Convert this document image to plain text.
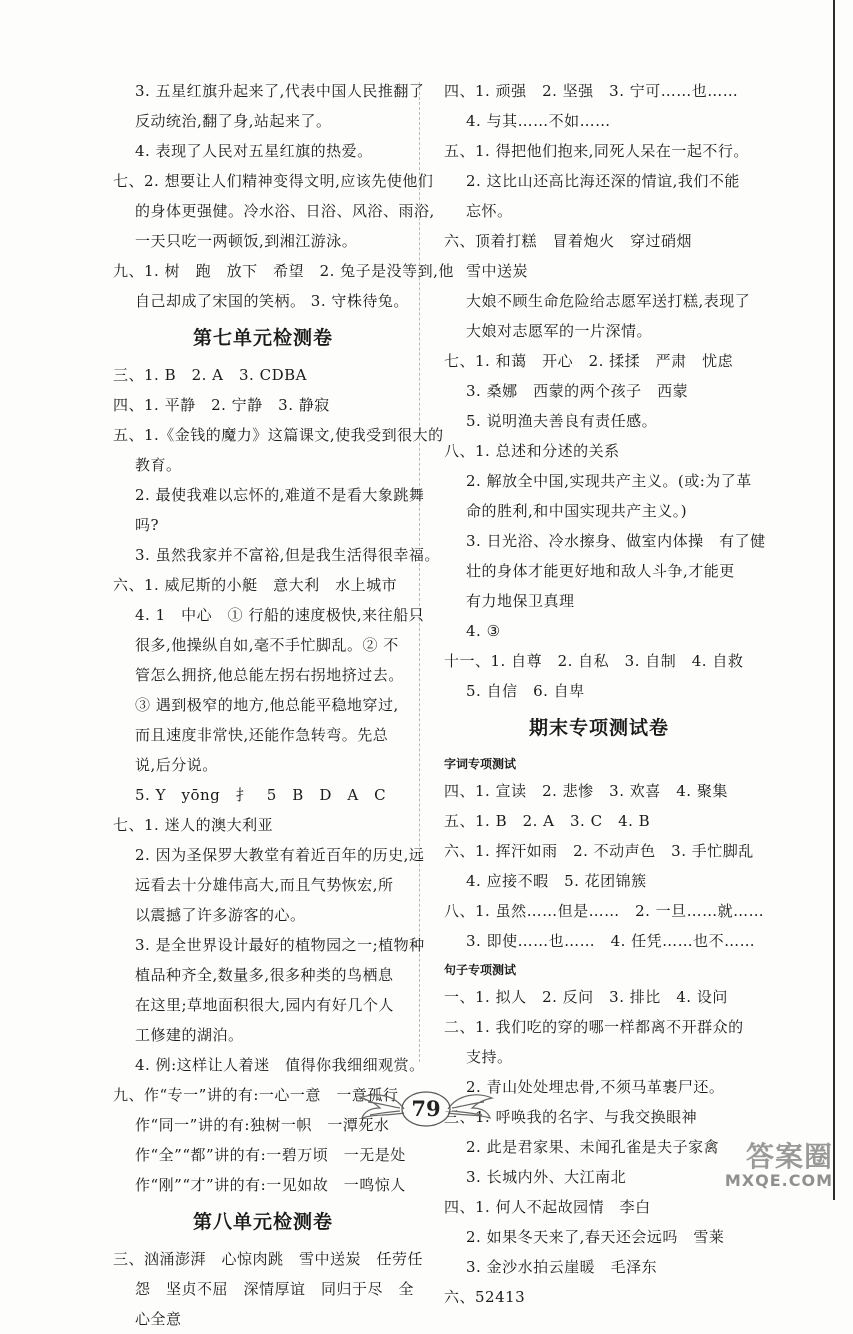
3. 五星红旗升起来了,代表中国人民推翻了
反动统治,翻了身,站起来了。
4. 表现了人民对五星红旗的热爱。
七、2. 想要让人们精神变得文明,应该先使他们
的身体更强健。冷水浴、日浴、风浴、雨浴,
一天只吃一两顿饭,到湘江游泳。
九、1. 树　跑　放下　希望　2. 兔子是没等到,他
自己却成了宋国的笑柄。 3. 守株待兔。
第七单元检测卷
三、1. B　2. A　3. CDBA
四、1. 平静　2. 宁静　3. 静寂
五、1.《金钱的魔力》这篇课文,使我受到很大的
教育。
2. 最使我难以忘怀的,难道不是看大象跳舞
吗?
3. 虽然我家并不富裕,但是我生活得很幸福。
六、1. 威尼斯的小艇　意大利　水上城市
4. 1　中心　① 行船的速度极快,来往船只
很多,他操纵自如,毫不手忙脚乱。② 不
管怎么拥挤,他总能左拐右拐地挤过去。
③ 遇到极窄的地方,他总能平稳地穿过,
而且速度非常快,还能作急转弯。先总
说,后分说。
5. Y　yōng　扌　5　B　D　A　C
七、1. 迷人的澳大利亚
2. 因为圣保罗大教堂有着近百年的历史,远
远看去十分雄伟高大,而且气势恢宏,所
以震撼了许多游客的心。
3. 是全世界设计最好的植物园之一;植物种
植品种齐全,数量多,很多种类的鸟栖息
在这里;草地面积很大,园内有好几个人
工修建的湖泊。
4. 例:这样让人着迷　值得你我细细观赏。
九、作“专一”讲的有:一心一意　一意孤行
作“同一”讲的有:独树一帜　一潭死水
作“全”“都”讲的有:一碧万顷　一无是处
作“刚”“才”讲的有:一见如故　一鸣惊人
第八单元检测卷
三、汹涌澎湃　心惊肉跳　雪中送炭　任劳任
怨　坚贞不屈　深情厚谊　同归于尽　全
心全意
四、1. 顽强　2. 坚强　3. 宁可……也……
4. 与其……不如……
五、1. 得把他们抱来,同死人呆在一起不行。
2. 这比山还高比海还深的情谊,我们不能
忘怀。
六、顶着打糕　冒着炮火　穿过硝烟
雪中送炭
大娘不顾生命危险给志愿军送打糕,表现了
大娘对志愿军的一片深情。
七、1. 和蔼　开心　2. 揉揉　严肃　忧虑
3. 桑娜　西蒙的两个孩子　西蒙
5. 说明渔夫善良有责任感。
八、1. 总述和分述的关系
2. 解放全中国,实现共产主义。(或:为了革
命的胜利,和中国实现共产主义。)
3. 日光浴、冷水擦身、做室内体操　有了健
壮的身体才能更好地和敌人斗争,才能更
有力地保卫真理
4. ③
十一、1. 自尊　2. 自私　3. 自制　4. 自救
5. 自信　6. 自卑
期末专项测试卷
字词专项测试
四、1. 宣读　2. 悲惨　3. 欢喜　4. 聚集
五、1. B　2. A　3. C　4. B
六、1. 挥汗如雨　2. 不动声色　3. 手忙脚乱
4. 应接不暇　5. 花团锦簇
八、1. 虽然……但是……　2. 一旦……就……
3. 即使……也……　4. 任凭……也不……
句子专项测试
一、1. 拟人　2. 反问　3. 排比　4. 设问
二、1. 我们吃的穿的哪一样都离不开群众的
支持。
2. 青山处处埋忠骨,不须马革裹尸还。
三、1. 呼唤我的名字、与我交换眼神
2. 此是君家果、未闻孔雀是夫子家禽
3. 长城内外、大江南北
四、1. 何人不起故园情　李白
2. 如果冬天来了,春天还会远吗　雪莱
3. 金沙水拍云崖暖　毛泽东
六、52413
79
答案圈
MXQE.COM
